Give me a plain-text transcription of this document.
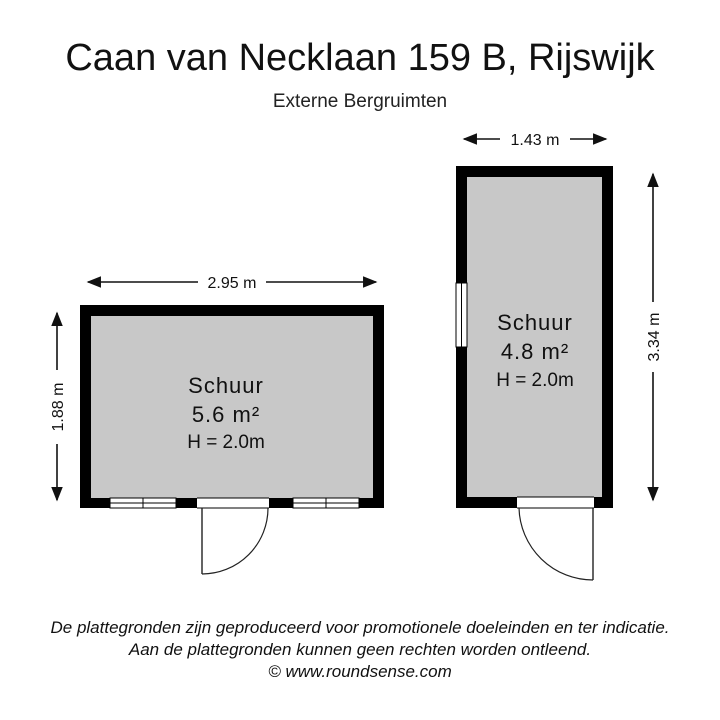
Caan van Necklaan 159 B, Rijswijk
Externe Bergruimten
2.95 m
1.88 m	Schuur
5.6 m²
H = 2.0m
1.43 m
3.34 m
Schuur
4.8 m²
H = 2.0m
De plattegronden zijn geproduceerd voor promotionele doeleinden en ter indicatie.
Aan de plattegronden kunnen geen rechten worden ontleend.
© www.roundsense.com
